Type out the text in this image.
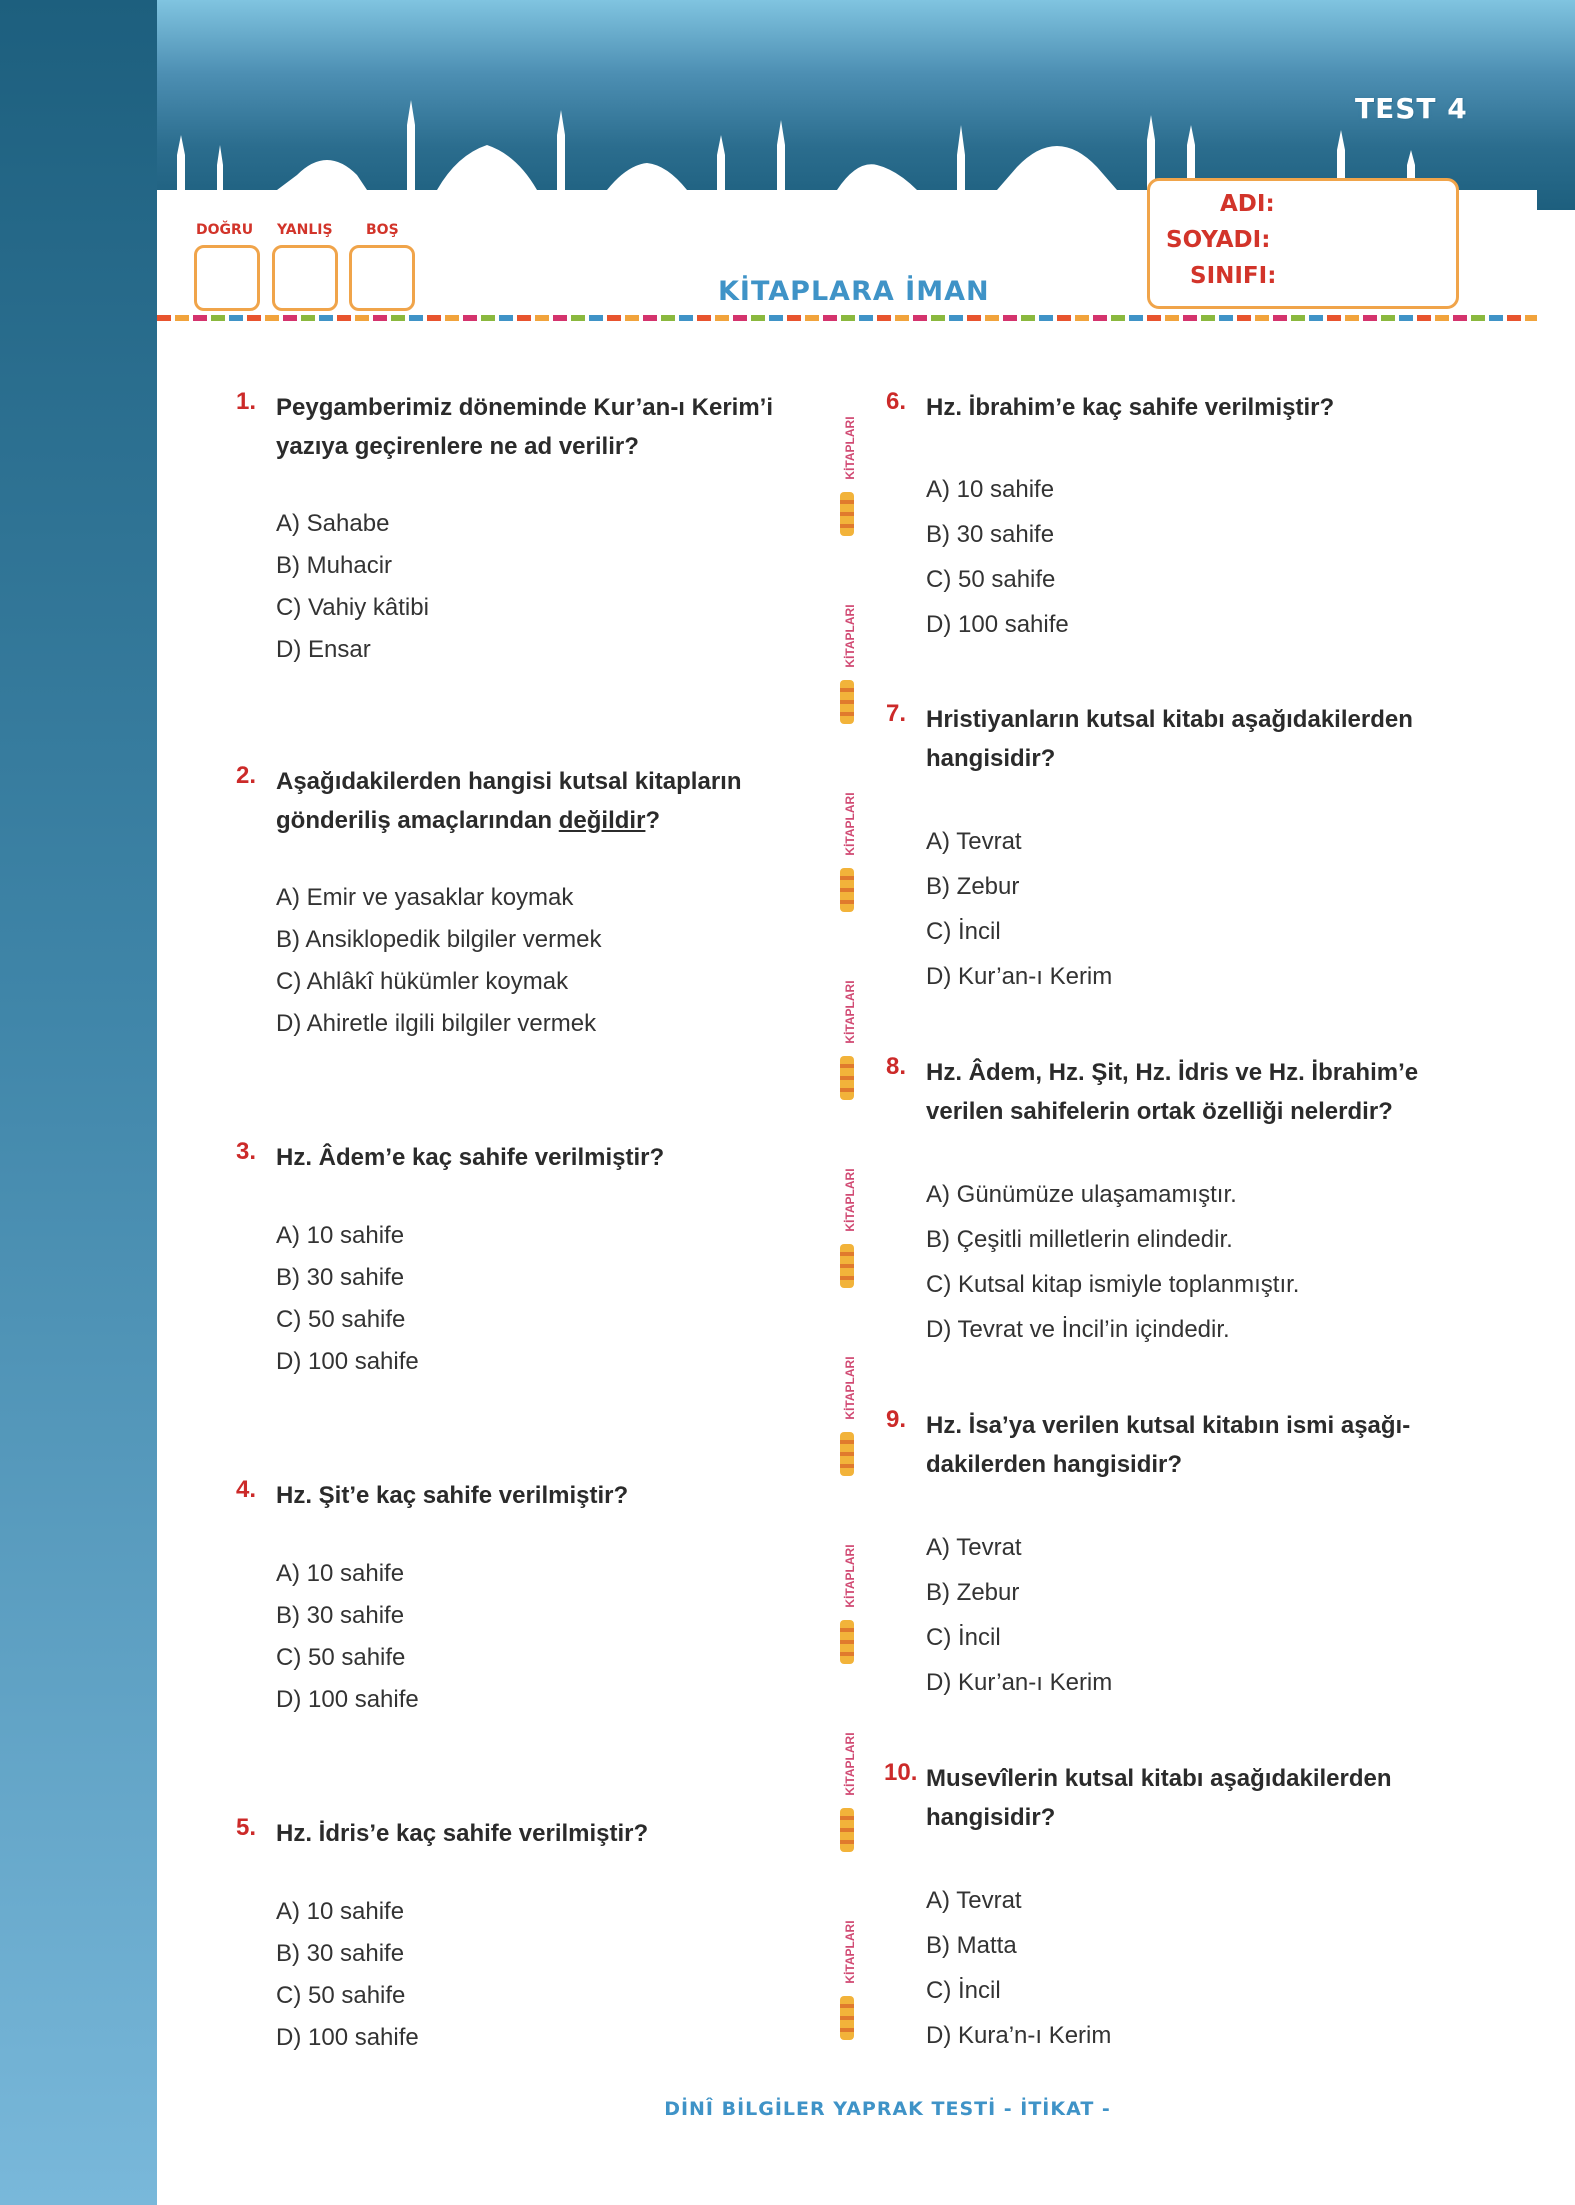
TEST 4
DOĞRU YANLIŞ BOŞ
ADI:
SOYADI:
SINIFI:
KİTAPLARA İMAN
1. Peygamberimiz döneminde Kur’an-ı Kerim’i
yazıya geçirenlere ne ad verilir?
A) Sahabe
B) Muhacir
C) Vahiy kâtibi
D) Ensar
2. Aşağıdakilerden hangisi kutsal kitapların
gönderiliş amaçlarından değildir?
A) Emir ve yasaklar koymak
B) Ansiklopedik bilgiler vermek
C) Ahlâkî hükümler koymak
D) Ahiretle ilgili bilgiler vermek
3. Hz. Âdem’e kaç sahife verilmiştir?
A) 10 sahife
B) 30 sahife
C) 50 sahife
D) 100 sahife
4. Hz. Şit’e kaç sahife verilmiştir?
A) 10 sahife
B) 30 sahife
C) 50 sahife
D) 100 sahife
5. Hz. İdris’e kaç sahife verilmiştir?
A) 10 sahife
B) 30 sahife
C) 50 sahife
D) 100 sahife
6. Hz. İbrahim’e kaç sahife verilmiştir?
A) 10 sahife
B) 30 sahife
C) 50 sahife
D) 100 sahife
7. Hristiyanların kutsal kitabı aşağıdakilerden
hangisidir?
A) Tevrat
B) Zebur
C) İncil
D) Kur’an-ı Kerim
8. Hz. Âdem, Hz. Şit, Hz. İdris ve Hz. İbrahim’e
verilen sahifelerin ortak özelliği nelerdir?
A) Günümüze ulaşamamıştır.
B) Çeşitli milletlerin elindedir.
C) Kutsal kitap ismiyle toplanmıştır.
D) Tevrat ve İncil’in içindedir.
9. Hz. İsa’ya verilen kutsal kitabın ismi aşağı-
dakilerden hangisidir?
A) Tevrat
B) Zebur
C) İncil
D) Kur’an-ı Kerim
10. Musevîlerin kutsal kitabı aşağıdakilerden
hangisidir?
A) Tevrat
B) Matta
C) İncil
D) Kura’n-ı Kerim
KİTAPLARI
KİTAPLARI
KİTAPLARI
KİTAPLARI
KİTAPLARI
KİTAPLARI
KİTAPLARI
KİTAPLARI
KİTAPLARI
DİNÎ BİLGİLER YAPRAK TESTİ - İTİKAT -
